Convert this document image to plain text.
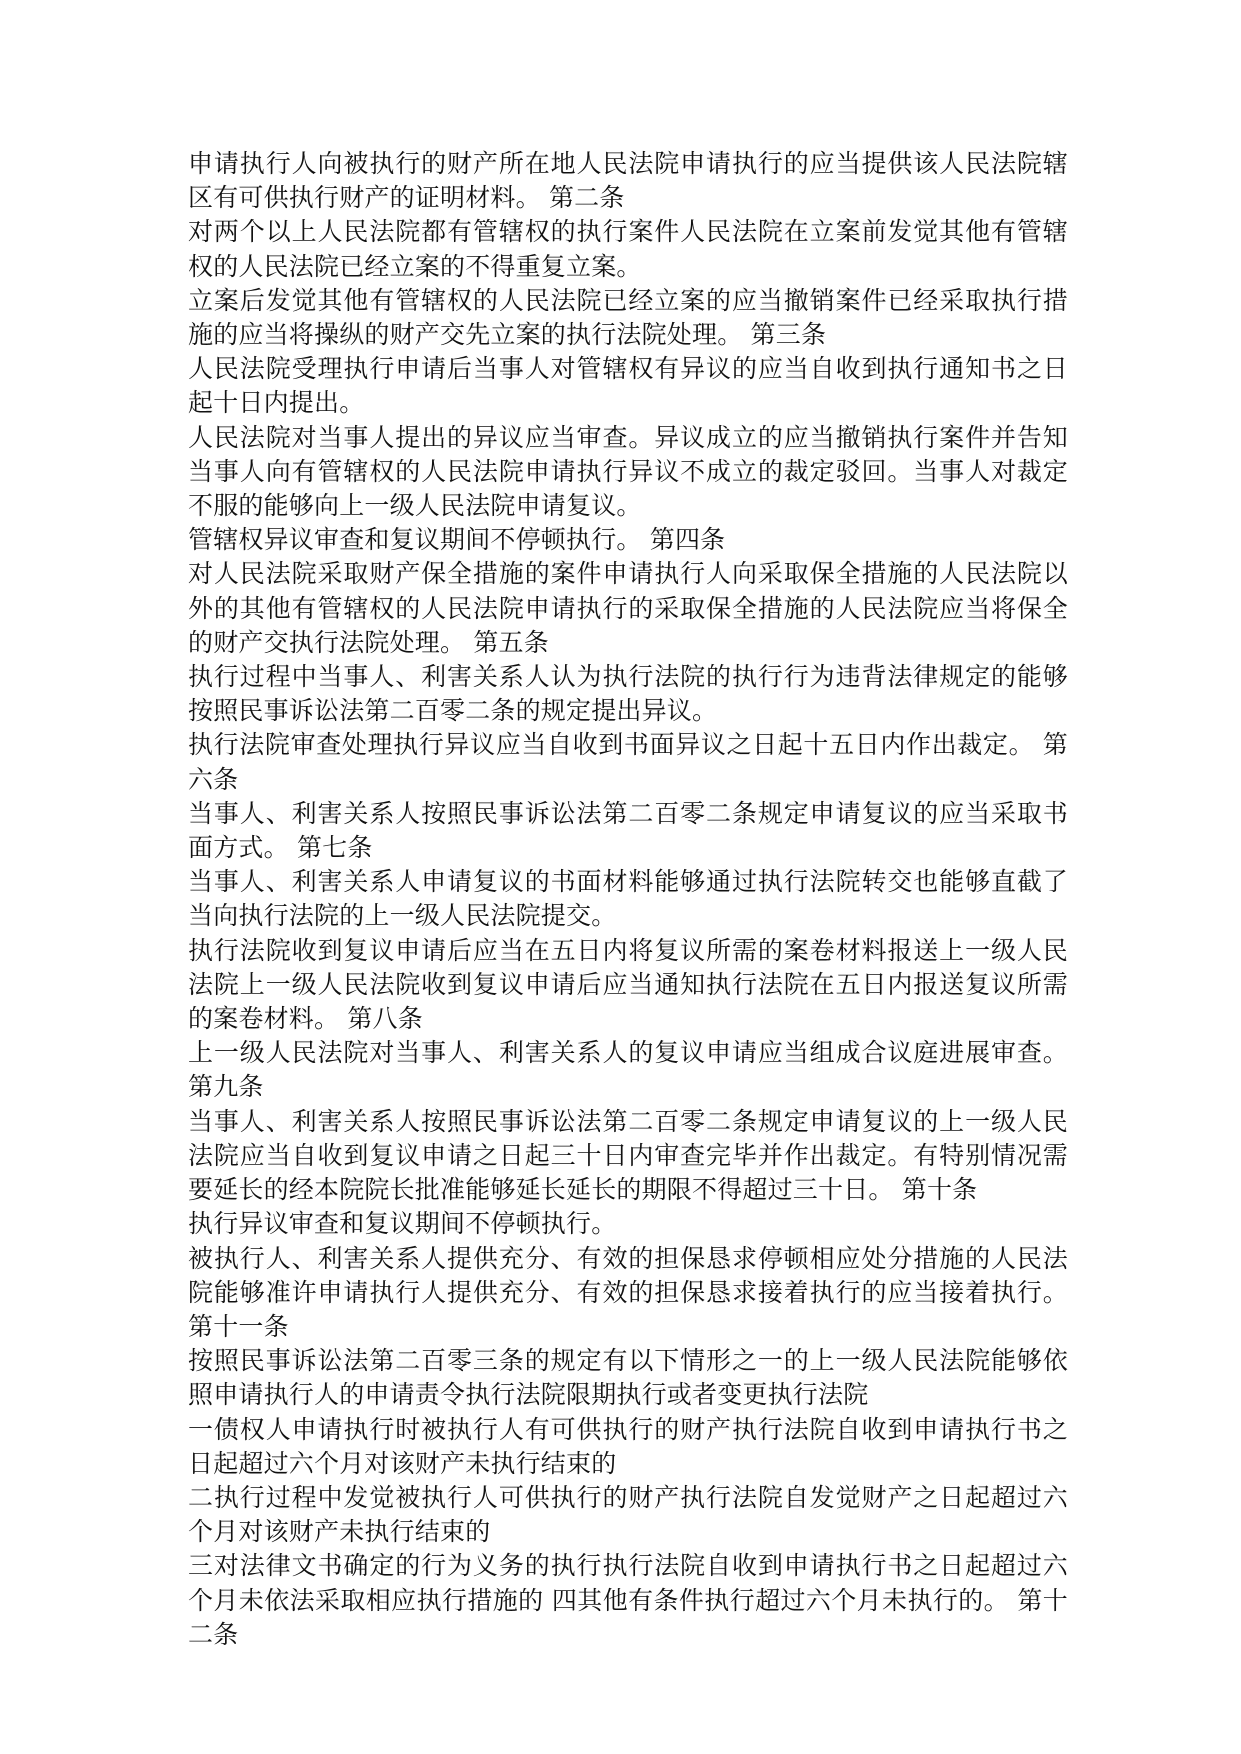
申请执行人向被执行的财产所在地人民法院申请执行的应当提供该人民法院辖区有可供执行财产的证明材料。 第二条

对两个以上人民法院都有管辖权的执行案件人民法院在立案前发觉其他有管辖权的人民法院已经立案的不得重复立案。

立案后发觉其他有管辖权的人民法院已经立案的应当撤销案件已经采取执行措施的应当将操纵的财产交先立案的执行法院处理。 第三条

人民法院受理执行申请后当事人对管辖权有异议的应当自收到执行通知书之日起十日内提出。

人民法院对当事人提出的异议应当审查。异议成立的应当撤销执行案件并告知当事人向有管辖权的人民法院申请执行异议不成立的裁定驳回。当事人对裁定不服的能够向上一级人民法院申请复议。

管辖权异议审查和复议期间不停顿执行。 第四条

对人民法院采取财产保全措施的案件申请执行人向采取保全措施的人民法院以外的其他有管辖权的人民法院申请执行的采取保全措施的人民法院应当将保全的财产交执行法院处理。 第五条

执行过程中当事人、利害关系人认为执行法院的执行行为违背法律规定的能够按照民事诉讼法第二百零二条的规定提出异议。

执行法院审查处理执行异议应当自收到书面异议之日起十五日内作出裁定。 第六条

当事人、利害关系人按照民事诉讼法第二百零二条规定申请复议的应当采取书面方式。 第七条

当事人、利害关系人申请复议的书面材料能够通过执行法院转交也能够直截了当向执行法院的上一级人民法院提交。

执行法院收到复议申请后应当在五日内将复议所需的案卷材料报送上一级人民法院上一级人民法院收到复议申请后应当通知执行法院在五日内报送复议所需的案卷材料。 第八条

上一级人民法院对当事人、利害关系人的复议申请应当组成合议庭进展审查。 第九条

当事人、利害关系人按照民事诉讼法第二百零二条规定申请复议的上一级人民法院应当自收到复议申请之日起三十日内审查完毕并作出裁定。有特别情况需要延长的经本院院长批准能够延长延长的期限不得超过三十日。 第十条

执行异议审查和复议期间不停顿执行。

被执行人、利害关系人提供充分、有效的担保恳求停顿相应处分措施的人民法院能够准许申请执行人提供充分、有效的担保恳求接着执行的应当接着执行。 第十一条

按照民事诉讼法第二百零三条的规定有以下情形之一的上一级人民法院能够依照申请执行人的申请责令执行法院限期执行或者变更执行法院

一债权人申请执行时被执行人有可供执行的财产执行法院自收到申请执行书之日起超过六个月对该财产未执行结束的

二执行过程中发觉被执行人可供执行的财产执行法院自发觉财产之日起超过六个月对该财产未执行结束的

三对法律文书确定的行为义务的执行执行法院自收到申请执行书之日起超过六个月未依法采取相应执行措施的 四其他有条件执行超过六个月未执行的。 第十二条
